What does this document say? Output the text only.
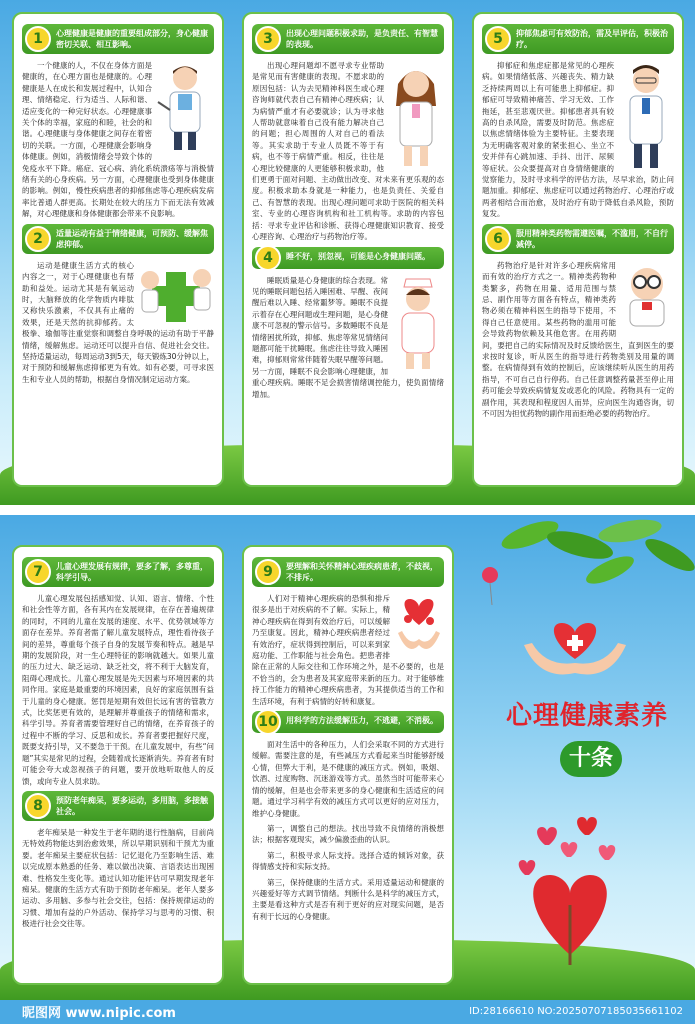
1	心理健康是健康的重要组成部分，身心健康密切关联、相互影响。

一个健康的人，不仅在身体方面是健康的，在心理方面也是健康的。心理健康是人在成长和发展过程中，认知合理、情绪稳定、行为适当、人际和谐、适应变化的一种完好状态。心理健康事关个体的幸福，家庭的和睦，社会的和谐。心理健康与身体健康之间存在着密切的关联。一方面，心理健康会影响身体健康。例如，消极情绪会导致个体的免疫水平下降。癌症、冠心病、消化系统溃疡等与消极情绪有关的心身疾病。另一方面，心理健康也受到身体健康的影响。例如，慢性疾病患者的抑郁焦虑等心理疾病发病率比普通人群更高。长期处在较大的压力下而无法有效减解，对心理健康和身体健康都会带来不良影响。

2	适量运动有益于情绪健康，可预防、缓解焦虑抑郁。

运动是健康生活方式的核心内容之一，对于心理健康也有帮助和益处。运动尤其是有氧运动时，大脑释放的化学物质内啡肽又称快乐激素，不仅具有止痛的效果，还是天然的抗抑郁药。太极拳、瑜伽等注重觉察和调整自身呼吸的运动有助于平静情绪，缓解焦虑。运动还可以提升自信、促进社会交往。坚持适量运动，每周运动3到5天，每天锻炼30分钟以上，对于预防和缓解焦虑抑郁更为有效。如有必要，可寻求医生和专业人员的帮助，根据自身情况制定运动方案。

3	出现心理问题积极求助，是负责任、有智慧的表现。

出现心理问题却不愿寻求专业帮助是常见而有害健康的表现。不愿求助的原因包括：认为去见精神科医生或心理咨询师就代表自己有精神心理疾病；认为病情严重才有必要就诊；认为寻求他人帮助就意味着自己没有能力解决自己的问题；担心周围的人对自己的看法等。其实求助于专业人员既不等于有病，也不等于病情严重。相反，往往是心理比较健康的人更能够积极求助，他们更勇于面对问题、主动做出改变、对未来有更乐观的态度。积极求助本身就是一种能力，也是负责任、关爱自己、有智慧的表现。出现心理问题可求助于医院的相关科室、专业的心理咨询机构和社工机构等。求助的内容包括：寻求专业评估和诊断、获得心理健康知识教育、接受心理咨询、心理治疗与药物治疗等。

4	睡不好，别忽视，可能是心身健康问题。

睡眠质量是心身健康的综合表现。常见的睡眠问题包括入睡困难、早醒、夜间醒后难以入睡、经常噩梦等。睡眠不良提示着存在心理问题或生理问题，是心身健康不可忽视的警示信号。多数睡眠不良是情绪困扰所致，抑郁、焦虑等常见情绪问题都可能干扰睡眠。焦虑往往导致入睡困难，抑郁则常常伴随着失眠早醒等问题。另一方面，睡眠不良会影响心理健康，加重心理疾病。睡眠不足会损害情绪调控能力，使负面情绪增加。

5	抑郁焦虑可有效防治，需及早评估，积极治疗。

抑郁症和焦虑症都是常见的心理疾病。如果情绪低落、兴趣丧失、精力缺乏持续两周以上有可能患上抑郁症。抑郁症可导致精神痛苦、学习无效、工作拖延，甚至悲观厌世。抑郁患者具有较高的自杀风险，需要及时防范。焦虑症以焦虑情绪体验为主要特征。主要表现为无明确客观对象的紧张担心、坐立不安并伴有心跳加速、手抖、出汗、尿频等症状。公众要提高对自身情绪健康的觉察能力，及时寻求科学的评估方法，尽早求治，防止问题加重。抑郁症、焦虑症可以通过药物治疗、心理治疗或两者相结合而治愈，及时治疗有助于降低自杀风险，预防复发。

6	服用精神类药物需遵医嘱，不滥用，不自行减停。

药物治疗是针对许多心理疾病常用而有效的治疗方式之一。精神类药物种类繁多，药物在用量、适用范围与禁忌、副作用等方面各有特点，精神类药物必须在精神科医生的指导下使用，不得自己任意使用。某些药物的滥用可能会导致药物依赖及其他危害。在用药期间，要把自己的实际情况及时反馈给医生，直到医生的要求按时复诊，听从医生的指导进行药物类别及用量的调整。在病情得到有效的控制后，应该继续听从医生的用药指导，不可自己自行停药。自己任意调整药量甚至停止用药可能会导致疾病情复发或恶化的风险。药物具有一定的副作用，其表现和程度因人而异，应向医生沟通咨询，切不可因为担忧药物的副作用而拒绝必要的药物治疗。

7	儿童心理发展有规律，要多了解，多尊重，科学引导。

儿童心理发展包括感知觉、认知、语言、情绪、个性和社会性等方面，各有其内在发展规律，在存在普遍规律的同时，不同的儿童在发展的速度、水平、优势领域等方面存在差异。养育者需了解儿童发展特点，理性看待孩子间的差异，尊重每个孩子自身的发展节奏和特点。越是早期的发展阶段，对一生心理特征的影响就越大。如果儿童的压力过大、缺乏运动、缺乏社交，将不利于大脑发育，阻碍心理成长。儿童心理发展是先天因素与环境因素的共同作用。家庭是最重要的环境因素，良好的家庭氛围有益于儿童的身心健康。惩罚是短期有效但长远有害的管教方式，比奖惩更有效的，是理解并尊重孩子的情绪和需求，科学引导。养育者需要管理好自己的情绪，在养育孩子的过程中不断的学习、反思和成长。养育者要把握好尺度，既要支持引导，又不要急于干预。在儿童发展中，有些“问题”其实是常见的过程，会随着成长逐渐消失。养育者有时可能会夸大或忽视孩子的问题，要开放地听取他人的反馈，或向专业人员求助。

8	预防老年痴呆，要多运动，多用脑，多接触社会。

老年痴呆是一种发生于老年期的退行性脑病，目前尚无特效药物能达到治愈效果，所以早期识别和干预尤为重要。老年痴呆主要症状包括：记忆退化乃至影响生活、难以完成原本熟悉的任务、难以做出决策、言语表达出现困难、性格发生变化等。通过认知功能评估可早期发现老年痴呆。健康的生活方式有助于预防老年痴呆。老年人要多运动、多用脑、多参与社会交往，包括：保持规律运动的习惯、增加有益的户外活动、保持学习与思考的习惯、积极进行社会交往等。

9	要理解和关怀精神心理疾病患者，不歧视，不排斥。

人们对于精神心理疾病的恐惧和排斥很多是出于对疾病的不了解。实际上，精神心理疾病在得到有效治疗后，可以缓解乃至康复。因此，精神心理疾病患者经过有效治疗，症状得到控制后，可以来到家庭功能、工作职能与社会角色。把患者排除在正常的人际交往和工作环境之外，是不必要的，也是不恰当的，会为患者及其家庭带来新的压力。对于能够维持工作能力的精神心理疾病患者，为其提供适当的工作和生活环境，有利于病情的好转和康复。

10	用科学的方法缓解压力，不逃避，不消极。

面对生活中的各种压力，人们会采取不同的方式进行缓解。需要注意的是，有些减压方式看起来当时能够舒缓心情，但弊大于利，是不健康的减压方式。例如，吸烟、饮酒、过度购物、沉迷游戏等方式。虽然当时可能带来心情的缓解，但是也会带来更多的身心健康和生活适应的问题。通过学习科学有效的减压方式可以更好的应对压力，维护心身健康。

第一，调整自己的想法。找出导致不良情绪的消极想法；根据客观现实，减少偏激歪曲的认识。

第二，积极寻求人际支持。选择合适的倾诉对象，获得情感支持和实际支持。

第三，保持健康的生活方式。采用适量运动和健康的兴趣爱好等方式调节情绪。判断什么是科学的减压方式，主要是看这种方式是否有利于更好的应对现实问题，是否有利于长远的心身健康。

心理健康素养
十条
昵图网 www.nipic.com	ID:28166610 NO:20250707185035661102
